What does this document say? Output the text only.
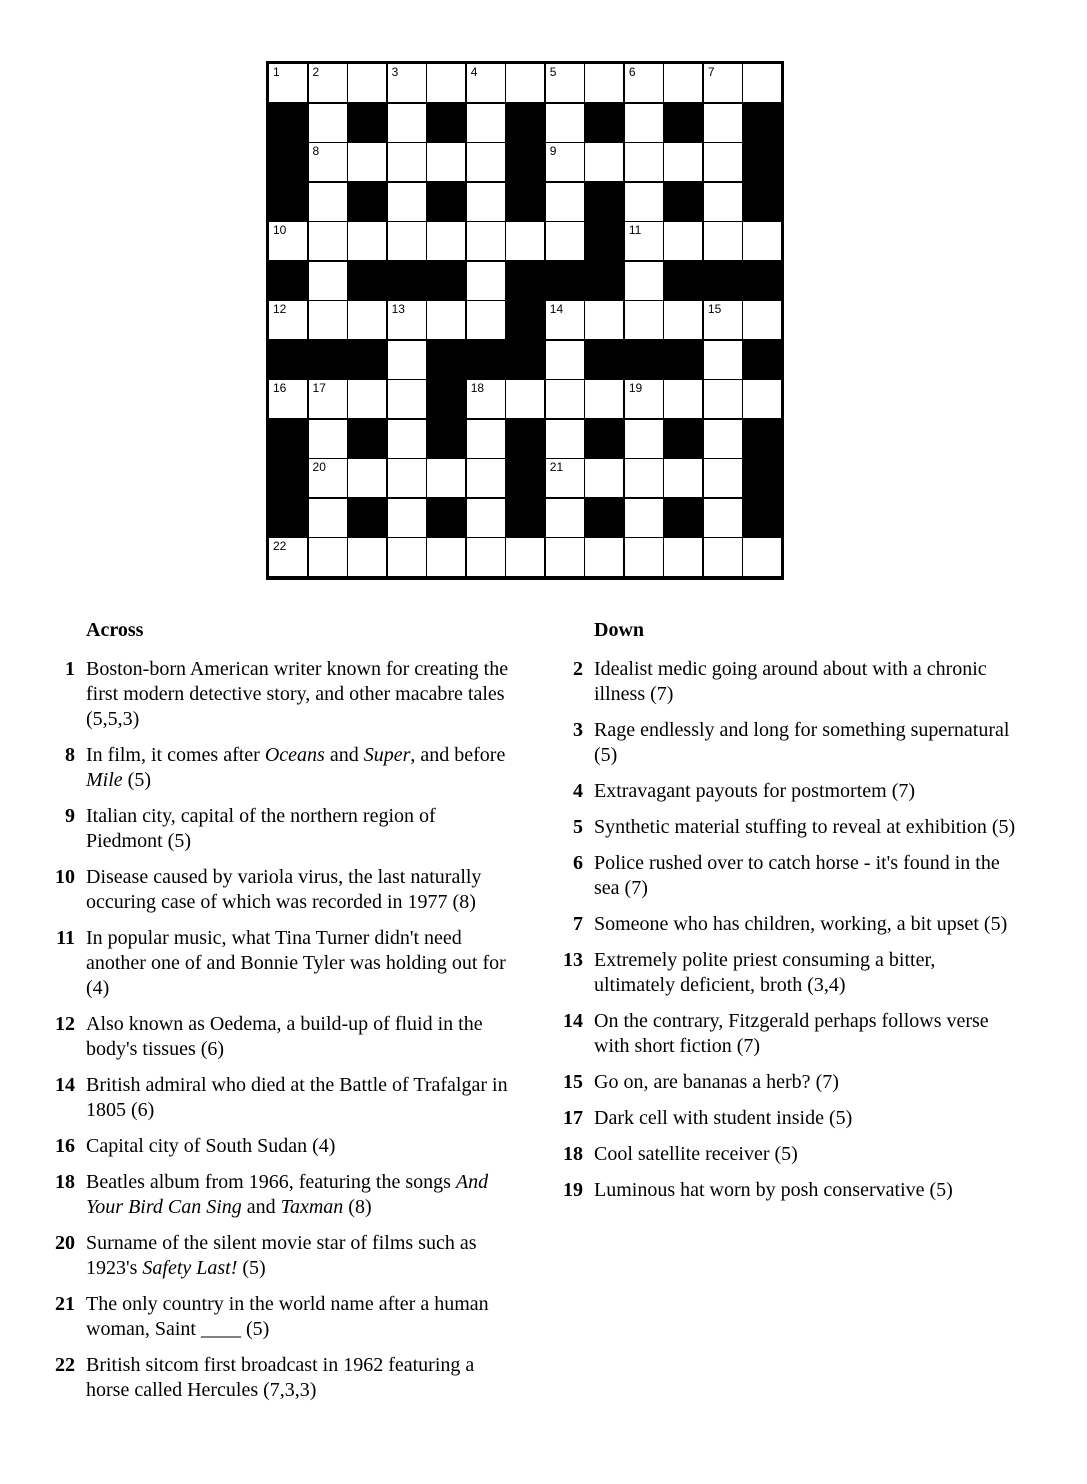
1	2	3	4	5	6	7
8	9
10	11
12	13	14	15
16 17	18	19
20	21
22
Across
1 Boston-born American writer known for creating the first modern detective story, and other macabre tales (5,5,3)
8 In film, it comes after Oceans and Super, and before Mile (5)
9 Italian city, capital of the northern region of Piedmont (5)
10 Disease caused by variola virus, the last naturally occuring case of which was recorded in 1977 (8)
11 In popular music, what Tina Turner didn't need another one of and Bonnie Tyler was holding out for (4)
12 Also known as Oedema, a build-up of fluid in the body's tissues (6)
14 British admiral who died at the Battle of Trafalgar in 1805 (6)
16 Capital city of South Sudan (4)
18 Beatles album from 1966, featuring the songs And Your Bird Can Sing and Taxman (8)
20 Surname of the silent movie star of films such as 1923's Safety Last! (5)
21 The only country in the world name after a human woman, Saint ____ (5)
22 British sitcom first broadcast in 1962 featuring a horse called Hercules (7,3,3)
Down
2 Idealist medic going around about with a chronic illness (7)
3 Rage endlessly and long for something supernatural (5)
4 Extravagant payouts for postmortem (7)
5 Synthetic material stuffing to reveal at exhibition (5)
6 Police rushed over to catch horse - it's found in the sea (7)
7 Someone who has children, working, a bit upset (5)
13 Extremely polite priest consuming a bitter, ultimately deficient, broth (3,4)
14 On the contrary, Fitzgerald perhaps follows verse with short fiction (7)
15 Go on, are bananas a herb? (7)
17 Dark cell with student inside (5)
18 Cool satellite receiver (5)
19 Luminous hat worn by posh conservative (5)
